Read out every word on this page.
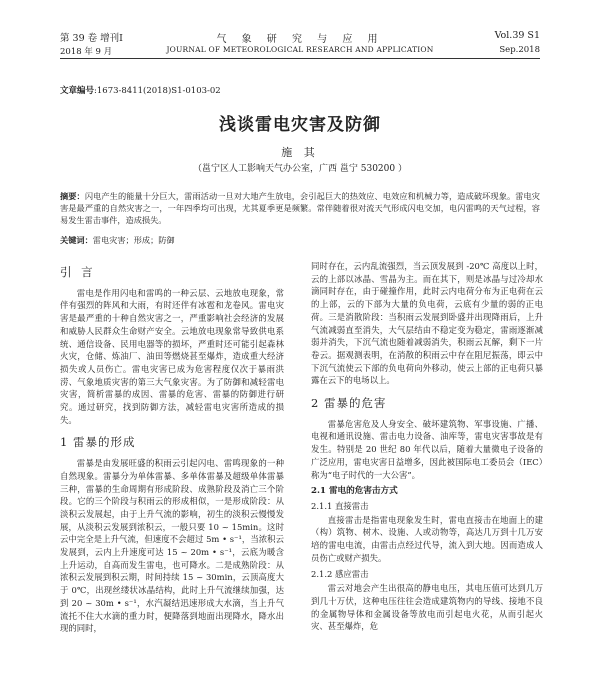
第 39 卷 增刊Ⅰ	气 象 研 究 与 应 用	Vol.39 S1
2018 年 9 月	JOURNAL OF METEOROLOGICAL RESEARCH AND APPLICATION	Sep.2018
文章编号:1673-8411(2018)S1-0103-02
浅谈雷电灾害及防御
施 其
（邕宁区人工影响天气办公室，广西 邕宁 530200 ）
摘要：闪电产生的能量十分巨大，雷雨活动一旦对大地产生放电，会引起巨大的热效应、电效应和机械力等，造成破坏现象。雷电灾害是最严重的自然灾害之一，一年四季均可出现，尤其夏季更是频繁。常伴随着很对流天气形成闪电交加，电闪雷鸣的天气过程，容易发生雷击事件，造成损失。
关键词：雷电灾害；形成；防御
引 言

雷电是作用闪电和雷鸣的一种云层、云地放电现象，常伴有强烈的阵风和大雨，有时还伴有冰雹和龙卷风。雷电灾害是最严重的十种自然灾害之一，严重影响社会经济的发展和威胁人民群众生命财产安全。云地放电现象常导致供电系统、通信设备、民用电器等的损坏，严重时还可能引起森林火灾，仓储、炼油厂、油田等燃烧甚至爆炸，造成重大经济损失或人员伤亡。雷电灾害已成为危害程度仅次于暴雨洪涝、气象地质灾害的第三大气象灾害。为了防御和减轻雷电灾害，简析雷暴的成因、雷暴的危害、雷暴的防御进行研究。通过研究，找到防御方法，减轻雷电灾害所造成的损失。

1 雷暴的形成

雷暴是由发展旺盛的积雨云引起闪电、雷鸣现象的一种自然现象。雷暴分为单体雷暴、多单体雷暴及超级单体雷暴三种，雷暴的生命周期有形成阶段、成熟阶段及消亡三个阶段。它的三个阶段与积雨云的形成相似，一是形成阶段：从淡积云发展起，由于上升气流的影响，初生的淡积云慢慢发展，从淡积云发展到浓积云，一般只要 10 ~ 15min。这时云中完全是上升气流，但速度不会超过 5m • s⁻¹，当浓积云发展到，云内上升速度可达 15 ~ 20m • s⁻¹，云底为暖含上升运动，自高而发生雷电，也可降水。二是成熟阶段：从浓积云发展到积云期，时间持续 15 ~ 30min，云顶高度大于 0℃，出现丝缕状冰晶结构，此时上升气流继续加强，达到 20 ~ 30m • s⁻¹，水汽凝结迅速形成大水滴，当上升气流托不住大水滴的重力时，便降落到地面出现降水，降水出现的同时，

同时存在，云内乱流强烈，当云顶发展到 -20℃ 高度以上时，云的上部以冰晶、雪晶为主。而在其下，则是冰晶与过冷却水滴同时存在，由于碰撞作用，此时云内电荷分布为正电荷在云的上部，云的下部为大量的负电荷，云底有少量的弱的正电荷。三是消散阶段：当积雨云发展到卧盛并出现降雨后，上升气流减弱直至消失，大气层结由不稳定变为稳定，雷雨逐渐减弱并消失，下沉气流也随着减弱消失，积雨云瓦解，剩下一片卷云。据观测表明，在消散的积雨云中存在阻尼振荡，即云中下沉气流使云下部的负电荷向外移动，使云上部的正电荷只暴露在云下的电场以上。

2 雷暴的危害

雷暴危害危及人身安全、破坏建筑物、军事设施、广播、电视和通讯设施、雷击电力设备、油库等，雷电灾害事故是有发生。特别是 20 世纪 80 年代以后，随着大量微电子设备的广泛应用，雷电灾害日益增多，因此被国际电工委员会（IEC）称为“电子时代的一大公害”。

2.1 雷电的危害击方式
2.1.1 直接雷击

直接雷击是指雷电现象发生时，雷电直接击在地面上的建（构）筑物、树木、设施、人或动物等，高达几万到十几万安培的雷电电流，由雷击点经过代导，流入到大地。因而造成人员伤亡或财产损失。

2.1.2 感应雷击

雷云对地会产生出很高的静电电压，其电压值可达到几万到几十万伏，这种电压往往会造成建筑物内的导线、接地不良的金属物导体和金属设备等放电而引起电火花，从而引起火灾、甚至爆炸，危
